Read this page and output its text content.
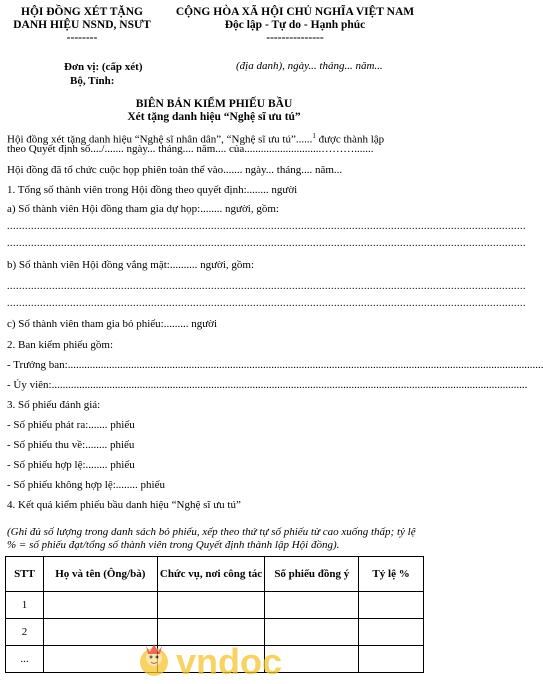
HỘI ĐỒNG XÉT TẶNG
DANH HIỆU NSND, NSƯT
--------
CỘNG HÒA XÃ HỘI CHỦ NGHĨA VIỆT NAM
Độc lập - Tự do - Hạnh phúc
---------------
Đơn vị: (cấp xét)
Bộ, Tỉnh:
(địa danh), ngày... tháng... năm...
BIÊN BẢN KIỂM PHIẾU BẦU
Xét tặng danh hiệu “Nghệ sĩ ưu tú”

Hội đồng xét tặng danh hiệu “Nghệ sĩ nhân dân”, “Nghệ sĩ ưu tú”......$^1$ được thành lập

theo Quyết định số..../....... ngày... tháng.... năm.... của............................……….......

Hội đồng đã tổ chức cuộc họp phiên toàn thể vào....... ngày... tháng.... năm...

1. Tổng số thành viên trong Hội đồng theo quyết định:........ người

a) Số thành viên Hội đồng tham gia dự họp:........ người, gồm:

.............................................................................................................................................................................
.............................................................................................................................................................................

b) Số thành viên Hội đồng vắng mặt:.......... người, gồm:

.............................................................................................................................................................................
.............................................................................................................................................................................

c) Số thành viên tham gia bỏ phiếu:......... người

2. Ban kiểm phiếu gồm:

- Trưởng ban:.............................................................................................................................................................................

- Ủy viên:.............................................................................................................................................................................

3. Số phiếu đánh giá:

- Số phiếu phát ra:....... phiếu

- Số phiếu thu về:........ phiếu

- Số phiếu hợp lệ:........ phiếu

- Số phiếu không hợp lệ:........ phiếu

4. Kết quả kiểm phiếu bầu danh hiệu “Nghệ sĩ ưu tú”

(Ghi đủ số lượng trong danh sách bỏ phiếu, xếp theo thứ tự số phiếu từ cao xuống thấp; tỷ lệ % = số phiếu đạt/tổng số thành viên trong Quyết định thành lập Hội đồng).

STT	Họ và tên (Ông/bà)	Chức vụ, nơi công tác	Số phiếu đồng ý	Tỷ lệ %
1				
2				
...					vndoc
